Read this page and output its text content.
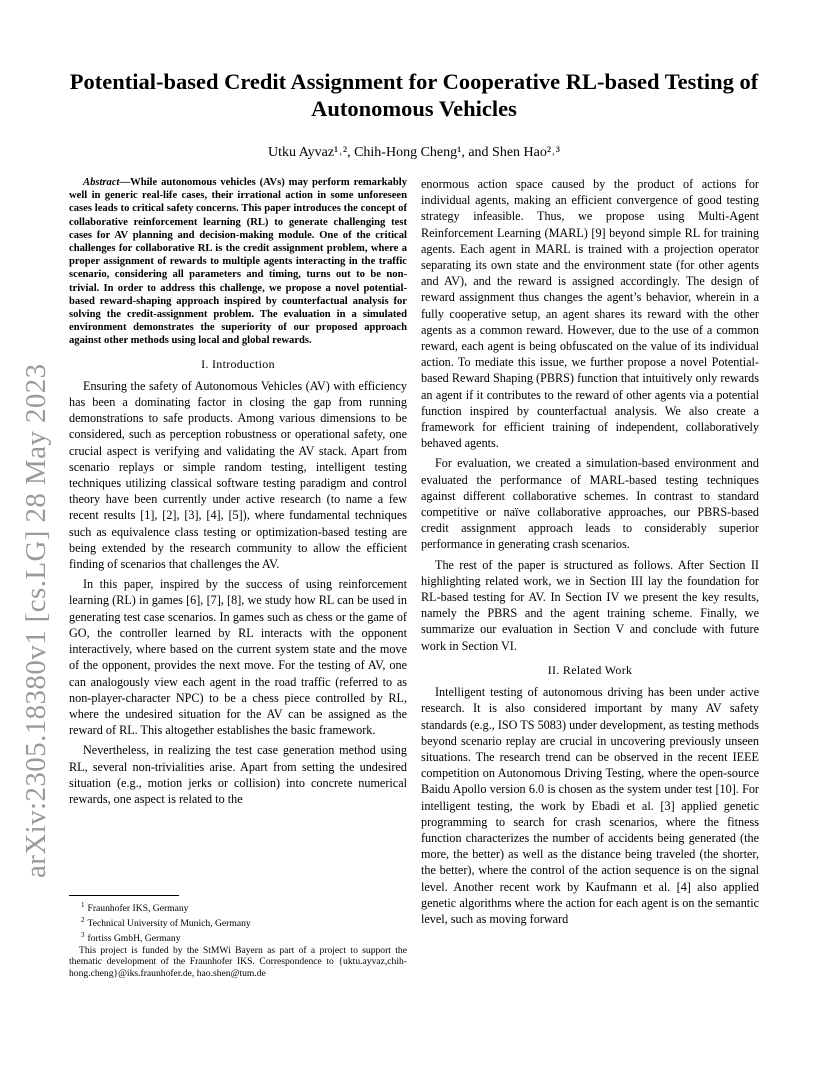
arXiv:2305.18380v1 [cs.LG] 28 May 2023
Potential-based Credit Assignment for Cooperative RL-based Testing of Autonomous Vehicles
Utku Ayvaz¹˒², Chih-Hong Cheng¹, and Shen Hao²˒³

Abstract—While autonomous vehicles (AVs) may perform remarkably well in generic real-life cases, their irrational action in some unforeseen cases leads to critical safety concerns. This paper introduces the concept of collaborative reinforcement learning (RL) to generate challenging test cases for AV planning and decision-making module. One of the critical challenges for collaborative RL is the credit assignment problem, where a proper assignment of rewards to multiple agents interacting in the traffic scenario, considering all parameters and timing, turns out to be non-trivial. In order to address this challenge, we propose a novel potential-based reward-shaping approach inspired by counterfactual analysis for solving the credit-assignment problem. The evaluation in a simulated environment demonstrates the superiority of our proposed approach against other methods using local and global rewards.

I. Introduction

Ensuring the safety of Autonomous Vehicles (AV) with efficiency has been a dominating factor in closing the gap from running demonstrations to safe products. Among various dimensions to be considered, such as perception robustness or operational safety, one crucial aspect is verifying and validating the AV stack. Apart from scenario replays or simple random testing, intelligent testing techniques utilizing classical software testing paradigm and control theory have been currently under active research (to name a few recent results [1], [2], [3], [4], [5]), where fundamental techniques such as equivalence class testing or optimization-based testing are being extended by the research community to allow the efficient finding of scenarios that challenges the AV.

In this paper, inspired by the success of using reinforcement learning (RL) in games [6], [7], [8], we study how RL can be used in generating test case scenarios. In games such as chess or the game of GO, the controller learned by RL interacts with the opponent interactively, where based on the current system state and the move of the opponent, provides the next move. For the testing of AV, one can analogously view each agent in the road traffic (referred to as non-player-character NPC) to be a chess piece controlled by RL, where the undesired situation for the AV can be assigned as the reward of RL. This altogether establishes the basic framework.

Nevertheless, in realizing the test case generation method using RL, several non-trivialities arise. Apart from setting the undesired situation (e.g., motion jerks or collision) into concrete numerical rewards, one aspect is related to the

$^1$ Fraunhofer IKS, Germany
$^2$ Technical University of Munich, Germany
$^3$ fortiss GmbH, Germany
This project is funded by the StMWi Bayern as part of a project to support the thematic development of the Fraunhofer IKS. Correspondence to {uktu.ayvaz,chih-hong.cheng}@iks.fraunhofer.de, hao.shen@tum.de

enormous action space caused by the product of actions for individual agents, making an efficient convergence of good testing strategy infeasible. Thus, we propose using Multi-Agent Reinforcement Learning (MARL) [9] beyond simple RL for training agents. Each agent in MARL is trained with a projection operator separating its own state and the environment state (for other agents and AV), and the reward is assigned accordingly. The design of reward assignment thus changes the agent’s behavior, wherein in a fully cooperative setup, an agent shares its reward with the other agents as a common reward. However, due to the use of a common reward, each agent is being obfuscated on the value of its individual action. To mediate this issue, we further propose a novel Potential-based Reward Shaping (PBRS) function that intuitively only rewards an agent if it contributes to the reward of other agents via a potential function inspired by counterfactual analysis. We also create a framework for efficient training of independent, collaboratively behaved agents.

For evaluation, we created a simulation-based environment and evaluated the performance of MARL-based testing techniques against different collaborative schemes. In contrast to standard competitive or naïve collaborative approaches, our PBRS-based credit assignment approach leads to considerably superior performance in generating crash scenarios.

The rest of the paper is structured as follows. After Section II highlighting related work, we in Section III lay the foundation for RL-based testing for AV. In Section IV we present the key results, namely the PBRS and the agent training scheme. Finally, we summarize our evaluation in Section V and conclude with future work in Section VI.

II. Related Work

Intelligent testing of autonomous driving has been under active research. It is also considered important by many AV safety standards (e.g., ISO TS 5083) under development, as testing methods beyond scenario replay are crucial in uncovering previously unseen situations. The research trend can be observed in the recent IEEE competition on Autonomous Driving Testing, where the open-source Baidu Apollo version 6.0 is chosen as the system under test [10]. For intelligent testing, the work by Ebadi et al. [3] applied genetic programming to search for crash scenarios, where the fitness function characterizes the number of accidents being generated (the more, the better) as well as the distance being traveled (the shorter, the better), where the control of the action sequence is on the signal level. Another recent work by Kaufmann et al. [4] also applied genetic algorithms where the action for each agent is on the semantic level, such as moving forward
